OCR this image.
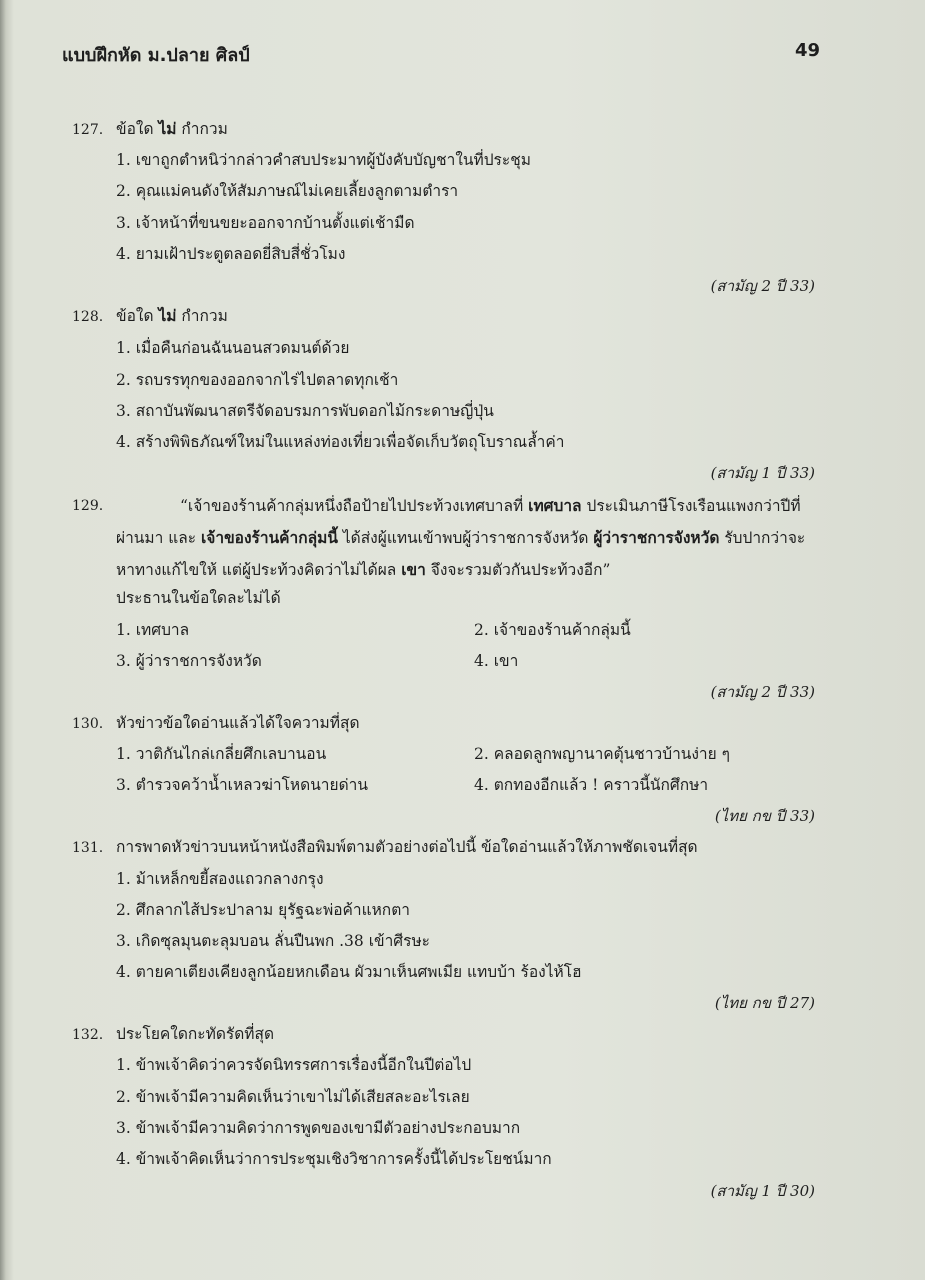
แบบฝึกหัด ม.ปลาย ศิลป์	49
127. ข้อใด ไม่ กำกวม
1. เขาถูกตำหนิว่ากล่าวคำสบประมาทผู้บังคับบัญชาในที่ประชุม
2. คุณแม่คนดังให้สัมภาษณ์ไม่เคยเลี้ยงลูกตามตำรา
3. เจ้าหน้าที่ขนขยะออกจากบ้านตั้งแต่เช้ามืด
4. ยามเฝ้าประตูตลอดยี่สิบสี่ชั่วโมง
(สามัญ 2 ปี 33)
128. ข้อใด ไม่ กำกวม
1. เมื่อคืนก่อนฉันนอนสวดมนต์ด้วย
2. รถบรรทุกของออกจากไร่ไปตลาดทุกเช้า
3. สถาบันพัฒนาสตรีจัดอบรมการพับดอกไม้กระดาษญี่ปุ่น
4. สร้างพิพิธภัณฑ์ใหม่ในแหล่งท่องเที่ยวเพื่อจัดเก็บวัตถุโบราณล้ำค่า
(สามัญ 1 ปี 33)
129.	“เจ้าของร้านค้ากลุ่มหนึ่งถือป้ายไปประท้วงเทศบาลที่ เทศบาล ประเมินภาษีโรงเรือนแพงกว่าปีที่ผ่านมา และ เจ้าของร้านค้ากลุ่มนี้ ได้ส่งผู้แทนเข้าพบผู้ว่าราชการจังหวัด ผู้ว่าราชการจังหวัด รับปากว่าจะหาทางแก้ไขให้ แต่ผู้ประท้วงคิดว่าไม่ได้ผล เขา จึงจะรวมตัวกันประท้วงอีก”
ประธานในข้อใดละไม่ได้
1. เทศบาล	2. เจ้าของร้านค้ากลุ่มนี้
3. ผู้ว่าราชการจังหวัด	4. เขา
(สามัญ 2 ปี 33)
130. หัวข่าวข้อใดอ่านแล้วได้ใจความที่สุด
1. วาติกันไกล่เกลี่ยศึกเลบานอน	2. คลอดลูกพญานาคตุ้นชาวบ้านง่าย ๆ
3. ตำรวจคว้าน้ำเหลวฆ่าโหดนายด่าน	4. ตกทองอีกแล้ว ! คราวนี้นักศึกษา
(ไทย กข ปี 33)
131. การพาดหัวข่าวบนหน้าหนังสือพิมพ์ตามตัวอย่างต่อไปนี้ ข้อใดอ่านแล้วให้ภาพชัดเจนที่สุด
1. ม้าเหล็กขยี้สองแถวกลางกรุง
2. ศึกลากไส้ประปาลาม ยุรัฐฉะพ่อค้าแหกตา
3. เกิดซุลมุนตะลุมบอน ลั่นปืนพก .38 เข้าศีรษะ
4. ตายคาเตียงเคียงลูกน้อยหกเดือน ผัวมาเห็นศพเมีย แทบบ้า ร้องไห้โฮ
(ไทย กข ปี 27)
132. ประโยคใดกะทัดรัดที่สุด
1. ข้าพเจ้าคิดว่าควรจัดนิทรรศการเรื่องนี้อีกในปีต่อไป
2. ข้าพเจ้ามีความคิดเห็นว่าเขาไม่ได้เสียสละอะไรเลย
3. ข้าพเจ้ามีความคิดว่าการพูดของเขามีตัวอย่างประกอบมาก
4. ข้าพเจ้าคิดเห็นว่าการประชุมเชิงวิชาการครั้งนี้ได้ประโยชน์มาก
(สามัญ 1 ปี 30)
